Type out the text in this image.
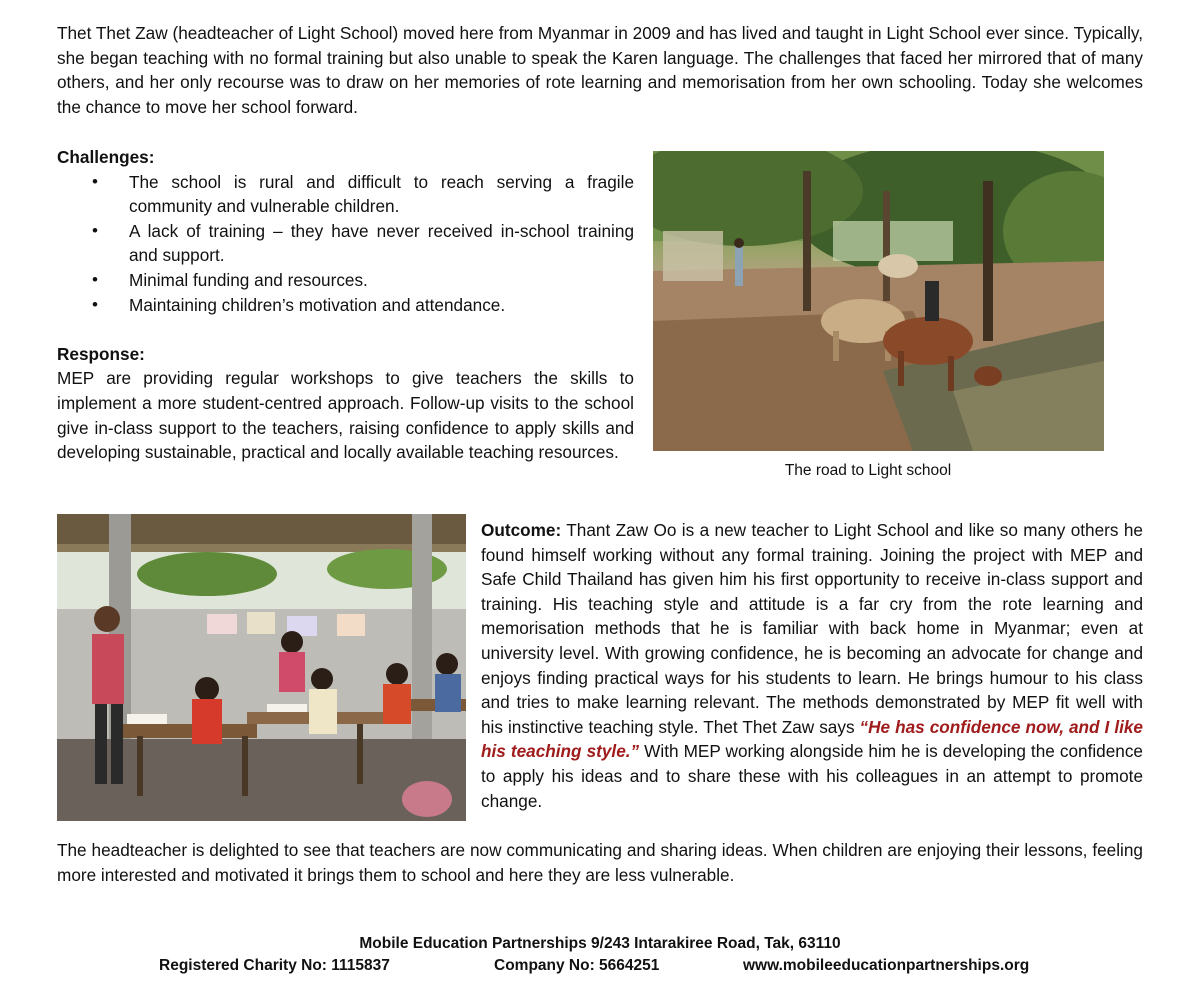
Thet Thet Zaw (headteacher of Light School) moved here from Myanmar in 2009 and has lived and taught in Light School ever since. Typically, she began teaching with no formal training but also unable to speak the Karen language. The challenges that faced her mirrored that of many others, and her only recourse was to draw on her memories of rote learning and memorisation from her own schooling. Today she welcomes the chance to move her school forward.

Challenges:
• The school is rural and difficult to reach serving a fragile community and vulnerable children.
• A lack of training – they have never received in-school training and support.
• Minimal funding and resources.
• Maintaining children’s motivation and attendance.
Response:

MEP are providing regular workshops to give teachers the skills to implement a more student-centred approach. Follow-up visits to the school give in-class support to the teachers, raising confidence to apply skills and developing sustainable, practical and locally available teaching resources.

The road to Light school

Outcome: Thant Zaw Oo is a new teacher to Light School and like so many others he found himself working without any formal training. Joining the project with MEP and Safe Child Thailand has given him his first opportunity to receive in-class support and training. His teaching style and attitude is a far cry from the rote learning and memorisation methods that he is familiar with back home in Myanmar; even at university level. With growing confidence, he is becoming an advocate for change and enjoys finding practical ways for his students to learn. He brings humour to his class and tries to make learning relevant. The methods demonstrated by MEP fit well with his instinctive teaching style. Thet Thet Zaw says “He has confidence now, and I like his teaching style.” With MEP working alongside him he is developing the confidence to apply his ideas and to share these with his colleagues in an attempt to promote change.

The headteacher is delighted to see that teachers are now communicating and sharing ideas. When children are enjoying their lessons, feeling more interested and motivated it brings them to school and here they are less vulnerable.

Mobile Education Partnerships 9/243 Intarakiree Road, Tak, 63110
Registered Charity No: 1115837	Company No: 5664251	www.mobileeducationpartnerships.org
